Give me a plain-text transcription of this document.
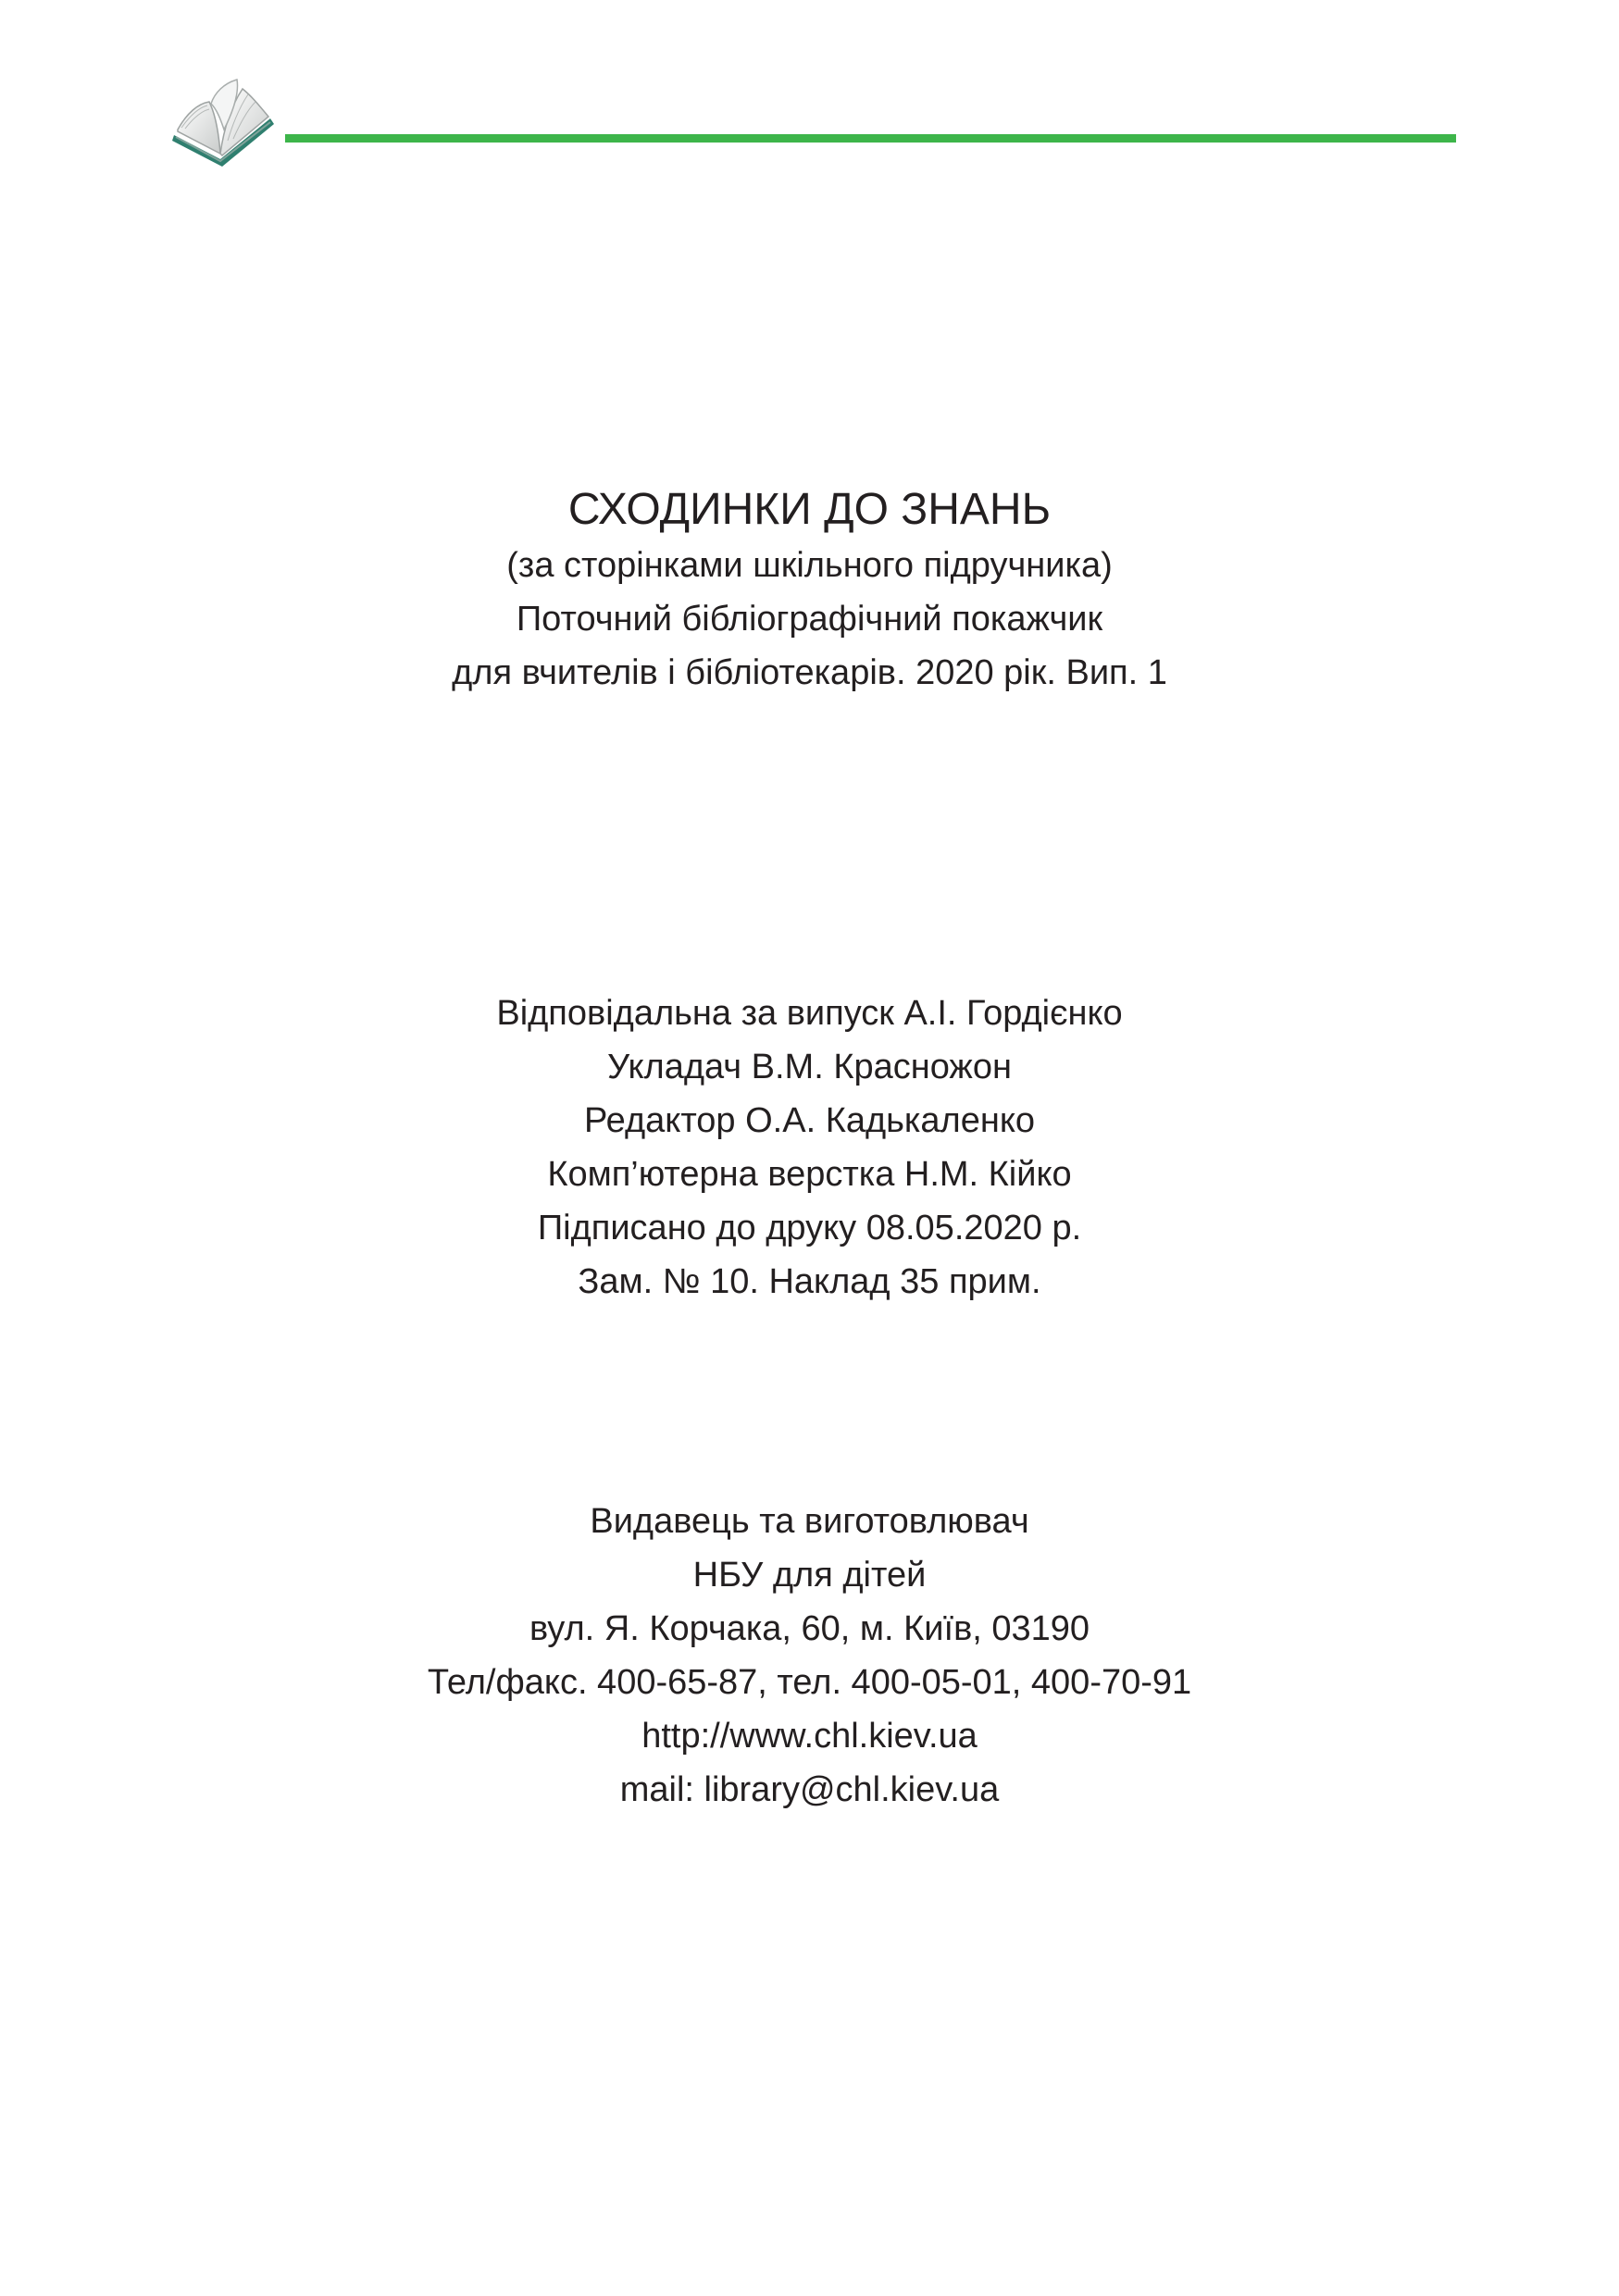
СХОДИНКИ ДО ЗНАНЬ
(за сторінками шкільного підручника)
Поточний бібліографічний покажчик
для вчителів і бібліотекарів. 2020 рік. Вип. 1
Відповідальна за випуск А.І. Гордієнко
Укладач В.М. Красножон
Редактор О.А. Кадькаленко
Комп’ютерна верстка Н.М. Кійко
Підписано до друку 08.05.2020 р.
Зам. № 10. Наклад 35 прим.
Видавець та виготовлювач
НБУ для дітей
вул. Я. Корчака, 60, м. Київ, 03190
Тел/факс. 400-65-87, тел. 400-05-01, 400-70-91
http://www.chl.kiev.ua
mail: library@chl.kiev.ua
